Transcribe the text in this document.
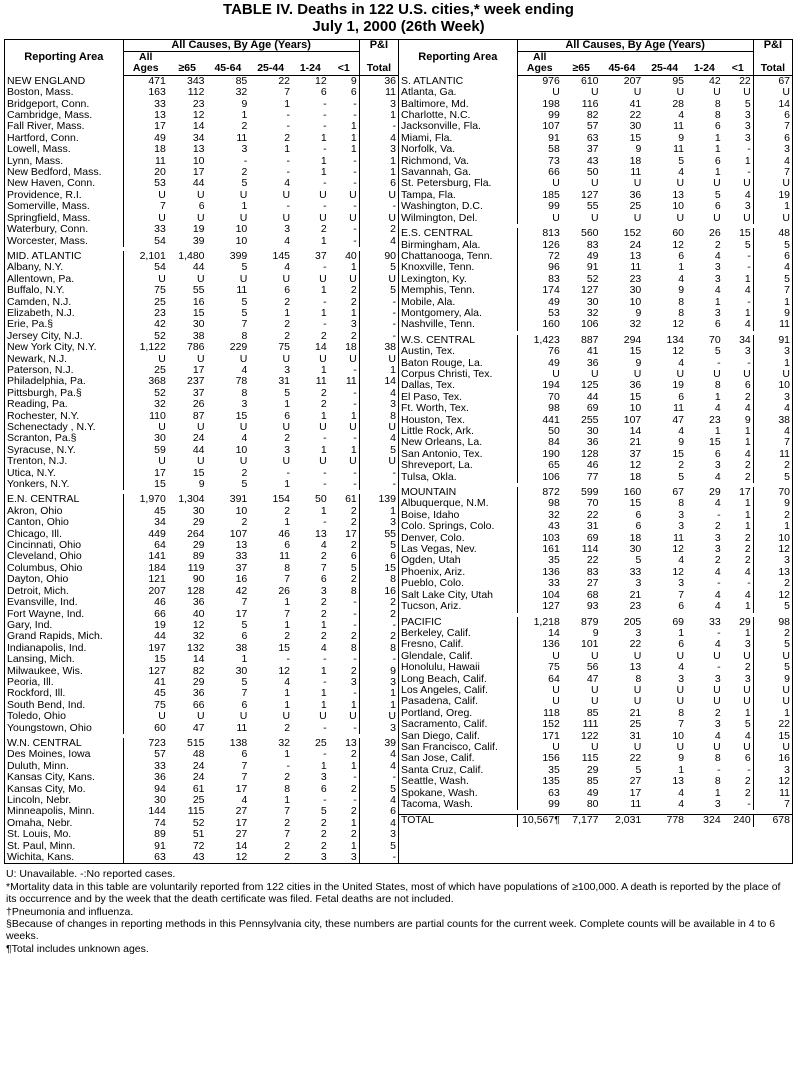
TABLE IV. Deaths in 122 U.S. cities,* week ending
July 1, 2000 (26th Week)
Reporting Area	All Causes, By Age (Years)						P&I
	All
Ages	≥65	45-64	25-44	1-24	<1	Total
NEW ENGLAND	471	343	85	22	12	9	36
Boston, Mass.	163	112	32	7	6	6	11
Bridgeport, Conn.	33	23	9	1	-	-	3
Cambridge, Mass.	13	12	1	-	-	-	1
Fall River, Mass.	17	14	2	-	-	1	-
Hartford, Conn.	49	34	11	2	1	1	4
Lowell, Mass.	18	13	3	1	-	1	3
Lynn, Mass.	11	10	-	-	1	-	1
New Bedford, Mass.	20	17	2	-	1	-	1
New Haven, Conn.	53	44	5	4	-	-	6
Providence, R.I.	U	U	U	U	U	U	U
Somerville, Mass.	7	6	1	-	-	-	-
Springfield, Mass.	U	U	U	U	U	U	U
Waterbury, Conn.	33	19	10	3	2	-	2
Worcester, Mass.	54	39	10	4	1	-	4

MID. ATLANTIC	2,101	1,480	399	145	37	40	90
Albany, N.Y.	54	44	5	4	-	1	5
Allentown, Pa.	U	U	U	U	U	U	U
Buffalo, N.Y.	75	55	11	6	1	2	5
Camden, N.J.	25	16	5	2	-	2	-
Elizabeth, N.J.	23	15	5	1	1	1	-
Erie, Pa.§	42	30	7	2	-	3	-
Jersey City, N.J.	52	38	8	2	2	2	-
New York City, N.Y.	1,122	786	229	75	14	18	38
Newark, N.J.	U	U	U	U	U	U	U
Paterson, N.J.	25	17	4	3	1	-	1
Philadelphia, Pa.	368	237	78	31	11	11	14
Pittsburgh, Pa.§	52	37	8	5	2	-	4
Reading, Pa.	32	26	3	1	2	-	3
Rochester, N.Y.	110	87	15	6	1	1	8
Schenectady , N.Y.	U	U	U	U	U	U	U
Scranton, Pa.§	30	24	4	2	-	-	4
Syracuse, N.Y.	59	44	10	3	1	1	5
Trenton, N.J.	U	U	U	U	U	U	U
Utica, N.Y.	17	15	2	-	-	-	-
Yonkers, N.Y.	15	9	5	1	-	-	-

E.N. CENTRAL	1,970	1,304	391	154	50	61	139
Akron, Ohio	45	30	10	2	1	2	1
Canton, Ohio	34	29	2	1	-	2	3
Chicago, Ill.	449	264	107	46	13	17	55
Cincinnati, Ohio	64	29	13	6	4	2	5
Cleveland, Ohio	141	89	33	11	2	6	6
Columbus, Ohio	184	119	37	8	7	5	15
Dayton, Ohio	121	90	16	7	6	2	8
Detroit, Mich.	207	128	42	26	3	8	16
Evansville, Ind.	46	36	7	1	2	-	2
Fort Wayne, Ind.	66	40	17	7	2	-	2
Gary, Ind.	19	12	5	1	1	-	-
Grand Rapids, Mich.	44	32	6	2	2	2	2
Indianapolis, Ind.	197	132	38	15	4	8	8
Lansing, Mich.	15	14	1	-	-	-	-
Milwaukee, Wis.	127	82	30	12	1	2	9
Peoria, Ill.	41	29	5	4	-	3	3
Rockford, Ill.	45	36	7	1	1	-	1
South Bend, Ind.	75	66	6	1	1	1	1
Toledo, Ohio	U	U	U	U	U	U	U
Youngstown, Ohio	60	47	11	2	-	-	3

W.N. CENTRAL	723	515	138	32	25	13	39
Des Moines, Iowa	57	48	6	1	-	2	4
Duluth, Minn.	33	24	7	-	1	1	4
Kansas City, Kans.	36	24	7	2	3	-	-
Kansas City, Mo.	94	61	17	8	6	2	5
Lincoln, Nebr.	30	25	4	1	-	-	4
Minneapolis, Minn.	144	115	27	7	5	2	6
Omaha, Nebr.	74	52	17	2	2	1	4
St. Louis, Mo.	89	51	27	7	2	2	3
St. Paul, Minn.	91	72	14	2	2	1	5
Wichita, Kans.	63	43	12	2	3	3	-
Reporting Area	All Causes, By Age (Years)						P&I
	All
Ages	≥65	45-64	25-44	1-24	<1	Total
S. ATLANTIC	976	610	207	95	42	22	67
Atlanta, Ga.	U	U	U	U	U	U	U
Baltimore, Md.	198	116	41	28	8	5	14
Charlotte, N.C.	99	82	22	4	8	3	6
Jacksonville, Fla.	107	57	30	11	6	3	7
Miami, Fla.	91	63	15	9	1	3	6
Norfolk, Va.	58	37	9	11	1	-	3
Richmond, Va.	73	43	18	5	6	1	4
Savannah, Ga.	66	50	11	4	1	-	7
St. Petersburg, Fla.	U	U	U	U	U	U	U
Tampa, Fla.	185	127	36	13	5	4	19
Washington, D.C.	99	55	25	10	6	3	1
Wilmington, Del.	U	U	U	U	U	U	U

E.S. CENTRAL	813	560	152	60	26	15	48
Birmingham, Ala.	126	83	24	12	2	5	5
Chattanooga, Tenn.	72	49	13	6	4	-	6
Knoxville, Tenn.	96	91	11	1	3	-	4
Lexington, Ky.	83	52	23	4	3	1	5
Memphis, Tenn.	174	127	30	9	4	4	7
Mobile, Ala.	49	30	10	8	1	-	1
Montgomery, Ala.	53	32	9	8	3	1	9
Nashville, Tenn.	160	106	32	12	6	4	11

W.S. CENTRAL	1,423	887	294	134	70	34	91
Austin, Tex.	76	41	15	12	5	3	3
Baton Rouge, La.	49	36	9	4	-	-	1
Corpus Christi, Tex.	U	U	U	U	U	U	U
Dallas, Tex.	194	125	36	19	8	6	10
El Paso, Tex.	70	44	15	6	1	2	3
Ft. Worth, Tex.	98	69	10	11	4	4	4
Houston, Tex.	441	255	107	47	23	9	38
Little Rock, Ark.	50	30	14	4	1	1	4
New Orleans, La.	84	36	21	9	15	1	7
San Antonio, Tex.	190	128	37	15	6	4	11
Shreveport, La.	65	46	12	2	3	2	2
Tulsa, Okla.	106	77	18	5	4	2	5

MOUNTAIN	872	599	160	67	29	17	70
Albuquerque, N.M.	98	70	15	8	4	1	9
Boise, Idaho	32	22	6	3	-	1	2
Colo. Springs, Colo.	43	31	6	3	2	1	1
Denver, Colo.	103	69	18	11	3	2	10
Las Vegas, Nev.	161	114	30	12	3	2	12
Ogden, Utah	35	22	5	4	2	2	3
Phoenix, Ariz.	136	83	33	12	4	4	13
Pueblo, Colo.	33	27	3	3	-	-	2
Salt Lake City, Utah	104	68	21	7	4	4	12
Tucson, Ariz.	127	93	23	6	4	1	5

PACIFIC	1,218	879	205	69	33	29	98
Berkeley, Calif.	14	9	3	1	-	1	2
Fresno, Calif.	136	101	22	6	4	3	5
Glendale, Calif.	U	U	U	U	U	U	U
Honolulu, Hawaii	75	56	13	4	-	2	5
Long Beach, Calif.	64	47	8	3	3	3	9
Los Angeles, Calif.	U	U	U	U	U	U	U
Pasadena, Calif.	U	U	U	U	U	U	U
Portland, Oreg.	118	85	21	8	2	1	1
Sacramento, Calif.	152	111	25	7	3	5	22
San Diego, Calif.	171	122	31	10	4	4	15
San Francisco, Calif.	U	U	U	U	U	U	U
San Jose, Calif.	156	115	22	9	8	6	16
Santa Cruz, Calif.	35	29	5	1	-	-	3
Seattle, Wash.	135	85	27	13	8	2	12
Spokane, Wash.	63	49	17	4	1	2	11
Tacoma, Wash.	99	80	11	4	3	-	7

TOTAL	10,567¶	7,177	2,031	778	324	240	678

U: Unavailable. -:No reported cases.

*Mortality data in this table are voluntarily reported from 122 cities in the United States, most of which have populations of ≥100,000. A death is reported by the place of its occurrence and by the week that the death certificate was filed. Fetal deaths are not included.

†Pneumonia and influenza.

§Because of changes in reporting methods in this Pennsylvania city, these numbers are partial counts for the current week. Complete counts will be available in 4 to 6 weeks.

¶Total includes unknown ages.
